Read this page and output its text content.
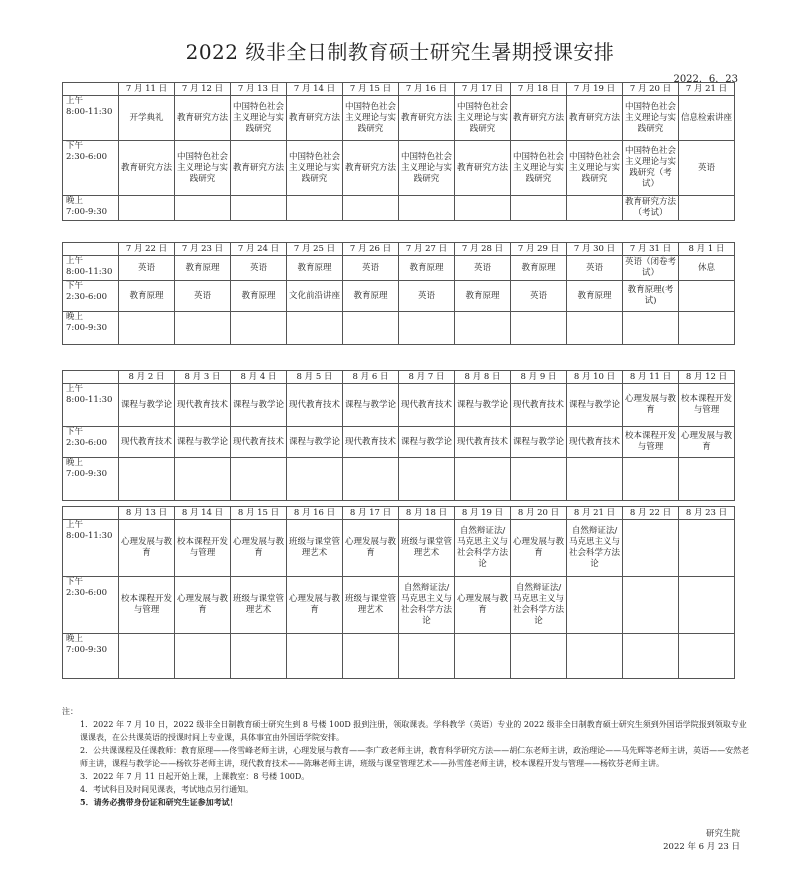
2022 级非全日制教育硕士研究生暑期授课安排
2022．6．23
	7 月 11 日	7 月 12 日	7 月 13 日	7 月 14 日	7 月 15 日	7 月 16 日	7 月 17 日	7 月 18 日	7 月 19 日	7 月 20 日	7 月 21 日

上午
8:00-11:30	开学典礼	教育研究方法	中国特色社会主义理论与实践研究	教育研究方法	中国特色社会主义理论与实践研究	教育研究方法	中国特色社会主义理论与实践研究	教育研究方法	教育研究方法	中国特色社会主义理论与实践研究	信息检索讲座

下午
2:30-6:00	教育研究方法	中国特色社会主义理论与实践研究	教育研究方法	中国特色社会主义理论与实践研究	教育研究方法	中国特色社会主义理论与实践研究	教育研究方法	中国特色社会主义理论与实践研究	中国特色社会主义理论与实践研究	中国特色社会主义理论与实践研究（考试）	英语

晚上
7:00-9:30										教育研究方法（考试）	
	7 月 22 日	7 月 23 日	7 月 24 日	7 月 25 日	7 月 26 日	7 月 27 日	7 月 28 日	7 月 29 日	7 月 30 日	7 月 31 日	8 月 1 日

上午
8:00-11:30	英语	教育原理	英语	教育原理	英语	教育原理	英语	教育原理	英语	英语（闭卷考试）	休息

下午
2:30-6:00	教育原理	英语	教育原理	文化前沿讲座	教育原理	英语	教育原理	英语	教育原理	教育原理(考试)	

晚上
7:00-9:30											

	8 月 2 日	8 月 3 日	8 月 4 日	8 月 5 日	8 月 6 日	8 月 7 日	8 月 8 日	8 月 9 日	8 月 10 日	8 月 11 日	8 月 12 日

上午
8:00-11:30	课程与教学论	现代教育技术	课程与教学论	现代教育技术	课程与教学论	现代教育技术	课程与教学论	现代教育技术	课程与教学论	心理发展与教育	校本课程开发与管理

下午
2:30-6:00	现代教育技术	课程与教学论	现代教育技术	课程与教学论	现代教育技术	课程与教学论	现代教育技术	课程与教学论	现代教育技术	校本课程开发与管理	心理发展与教育

晚上
7:00-9:30											

	8 月 13 日	8 月 14 日	8 月 15 日	8 月 16 日	8 月 17 日	8 月 18 日	8 月 19 日	8 月 20 日	8 月 21 日	8 月 22 日	8 月 23 日

上午
8:00-11:30	心理发展与教育	校本课程开发与管理	心理发展与教育	班级与课堂管理艺术	心理发展与教育	班级与课堂管理艺术	自然辩证法/马克思主义与社会科学方法论	心理发展与教育	自然辩证法/马克思主义与社会科学方法论		

下午
2:30-6:00	校本课程开发与管理	心理发展与教育	班级与课堂管理艺术	心理发展与教育	班级与课堂管理艺术	自然辩证法/马克思主义与社会科学方法论	心理发展与教育	自然辩证法/马克思主义与社会科学方法论			

晚上
7:00-9:30											

注：
1．2022 年 7 月 10 日，2022 级非全日制教育硕士研究生到 8 号楼 100D 报到注册，领取课表。学科教学（英语）专业的 2022 级非全日制教育硕士研究生须到外国语学院报到领取专业课课表，在公共课英语的授课时间上专业课，具体事宜由外国语学院安排。
2．公共课课程及任课教师：教育原理——佟雪峰老师主讲，心理发展与教育——李广政老师主讲，教育科学研究方法——胡仁东老师主讲，政治理论——马先辉等老师主讲，英语——安然老师主讲，课程与教学论——杨钦芬老师主讲，现代教育技术——陈琳老师主讲，班级与课堂管理艺术——孙雪莲老师主讲，校本课程开发与管理——杨钦芬老师主讲。
3．2022 年 7 月 11 日起开始上课，上课教室：8 号楼 100D。
4．考试科目及时间见课表，考试地点另行通知。
5．请务必携带身份证和研究生证参加考试！
研究生院
2022 年 6 月 23 日
